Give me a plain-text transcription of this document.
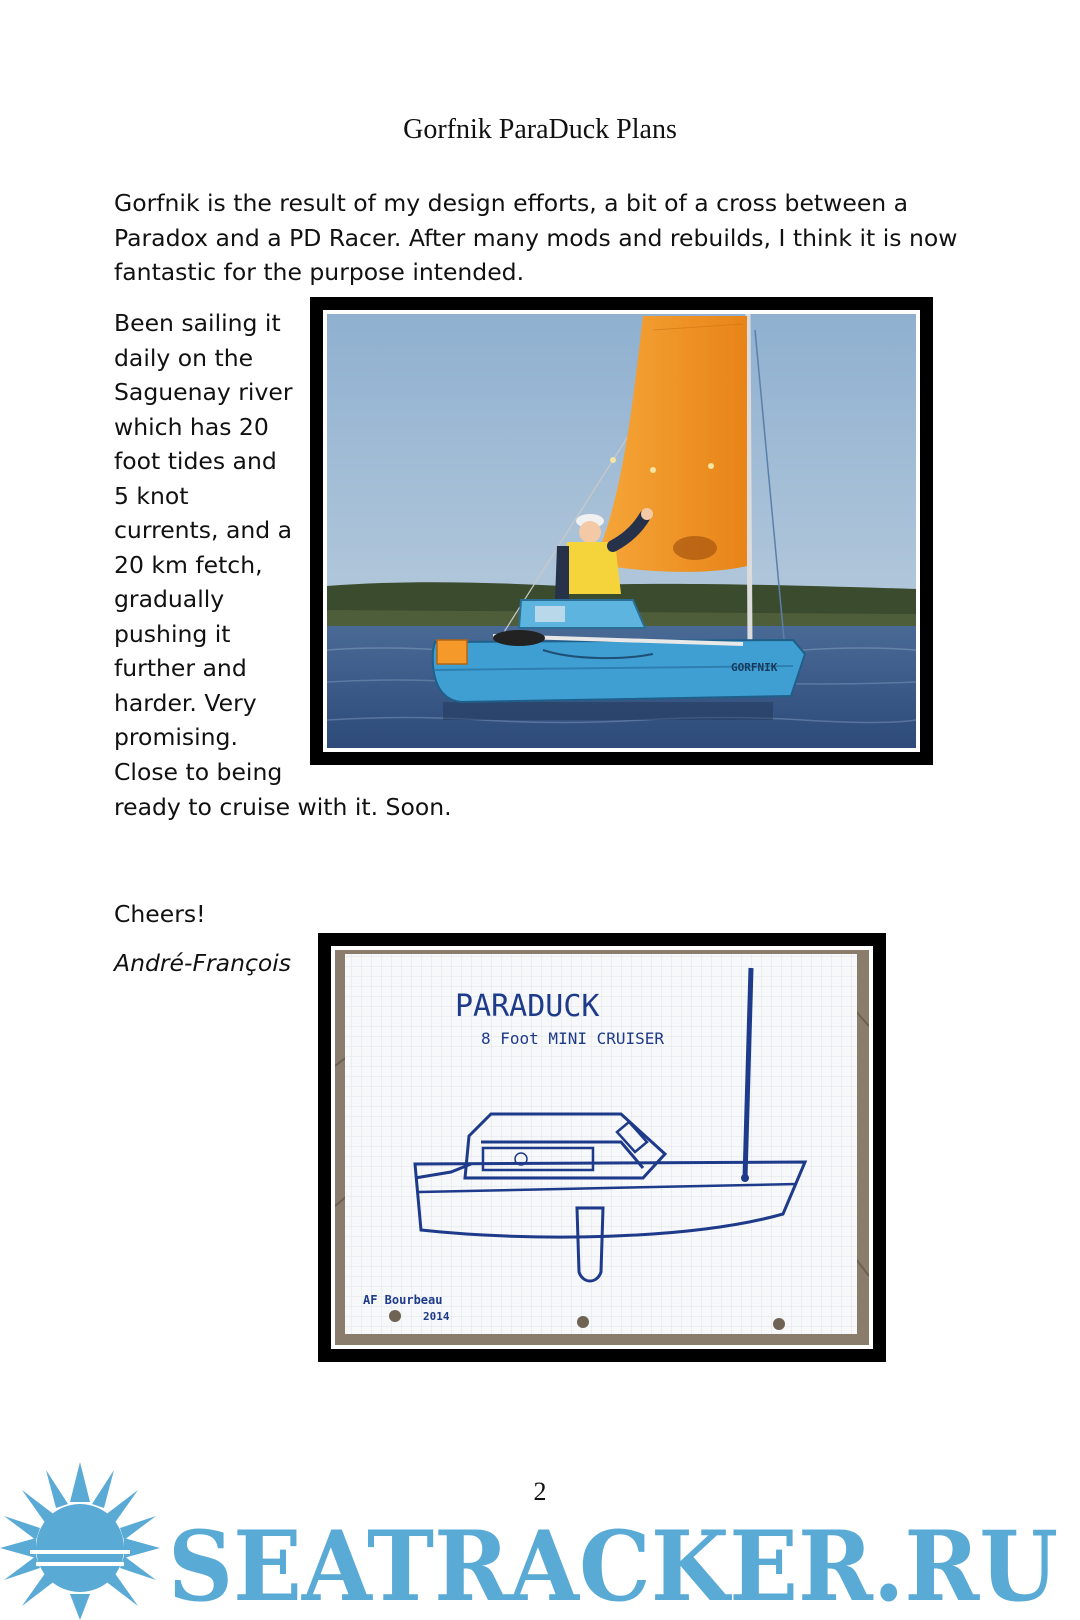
Gorfnik ParaDuck Plans
Gorfnik is the result of my design efforts, a bit of a cross between a Paradox and a PD Racer. After many mods and rebuilds, I think it is now fantastic for the purpose intended.
Been sailing it
daily on the
Saguenay river
which has 20
foot tides and
5 knot
currents, and a
20 km fetch,
gradually
pushing it
further and
harder. Very
promising.
Close to being
ready to cruise with it. Soon.
Cheers!
André-François
GORFNIK
PARADUCK
8 Foot MINI CRUISER
AF Bourbeau
2014
2
SEATRACKER.RU
